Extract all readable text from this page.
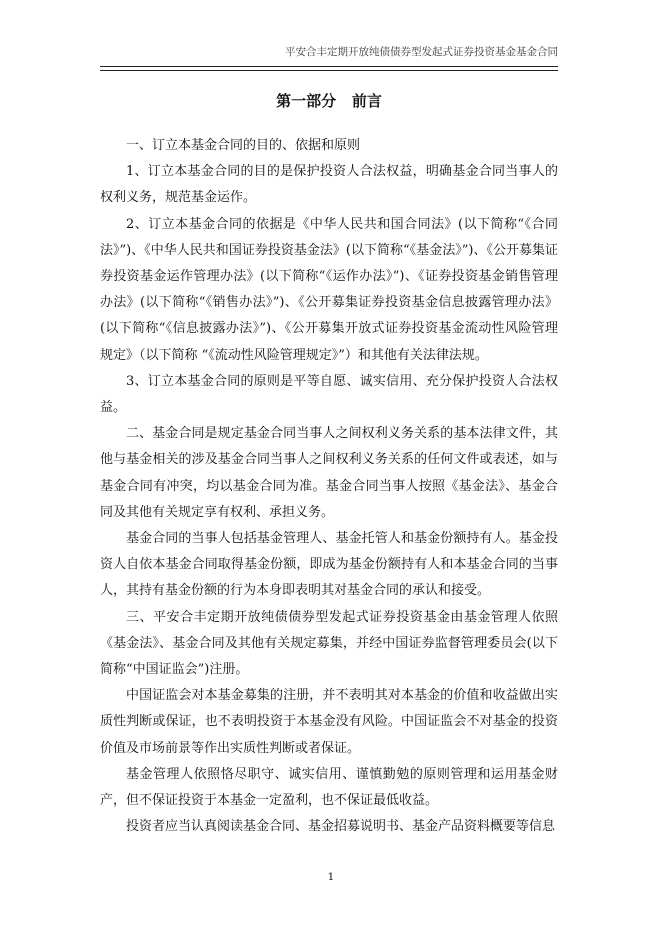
平安合丰定期开放纯债债券型发起式证券投资基金基金合同
第一部分   前言

一、订立本基金合同的目的、依据和原则

1、订立本基金合同的目的是保护投资人合法权益，明确基金合同当事人的权利义务，规范基金运作。

2、订立本基金合同的依据是《中华人民共和国合同法》(以下简称“《合同法》”)、《中华人民共和国证券投资基金法》(以下简称“《基金法》”)、《公开募集证券投资基金运作管理办法》(以下简称“《运作办法》”)、《证券投资基金销售管理办法》(以下简称“《销售办法》”)、《公开募集证券投资基金信息披露管理办法》(以下简称“《信息披露办法》”)、《公开募集开放式证券投资基金流动性风险管理规定》（以下简称 “《流动性风险管理规定》”）和其他有关法律法规。

3、订立本基金合同的原则是平等自愿、诚实信用、充分保护投资人合法权益。

二、基金合同是规定基金合同当事人之间权利义务关系的基本法律文件，其他与基金相关的涉及基金合同当事人之间权利义务关系的任何文件或表述，如与基金合同有冲突，均以基金合同为准。基金合同当事人按照《基金法》、基金合同及其他有关规定享有权利、承担义务。

基金合同的当事人包括基金管理人、基金托管人和基金份额持有人。基金投资人自依本基金合同取得基金份额，即成为基金份额持有人和本基金合同的当事人，其持有基金份额的行为本身即表明其对基金合同的承认和接受。

三、平安合丰定期开放纯债债券型发起式证券投资基金由基金管理人依照《基金法》、基金合同及其他有关规定募集，并经中国证券监督管理委员会(以下简称“中国证监会”)注册。

中国证监会对本基金募集的注册，并不表明其对本基金的价值和收益做出实质性判断或保证，也不表明投资于本基金没有风险。中国证监会不对基金的投资价值及市场前景等作出实质性判断或者保证。

基金管理人依照恪尽职守、诚实信用、谨慎勤勉的原则管理和运用基金财产，但不保证投资于本基金一定盈利，也不保证最低收益。

投资者应当认真阅读基金合同、基金招募说明书、基金产品资料概要等信息

1
